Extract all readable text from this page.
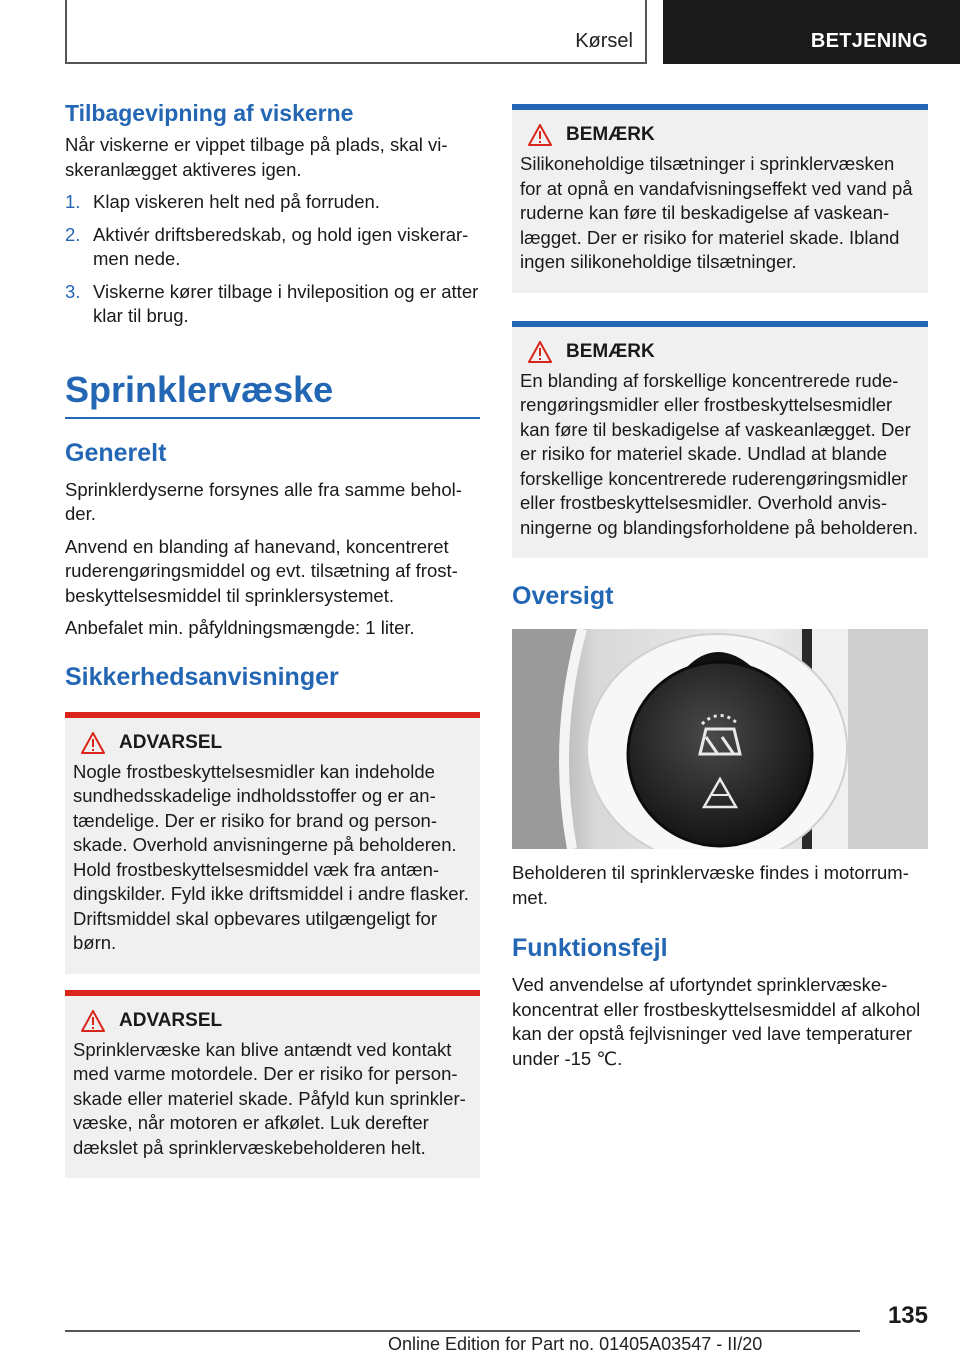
Kørsel	BETJENING
Tilbagevipning af viskerne

Når viskerne er vippet tilbage på plads, skal viskeranlægget aktiveres igen.

1. Klap viskeren helt ned på forruden.
2. Aktivér driftsberedskab, og hold igen viskerarmen nede.
3. Viskerne kører tilbage i hvileposition og er atter klar til brug.
Sprinklervæske
Generelt

Sprinklerdyserne forsynes alle fra samme beholder.

Anvend en blanding af hanevand, koncentreret ruderengøringsmiddel og evt. tilsætning af frostbeskyttelsesmiddel til sprinklersystemet.

Anbefalet min. påfyldningsmængde: 1 liter.

Sikkerhedsanvisninger
ADVARSEL

Nogle frostbeskyttelsesmidler kan indeholde sundhedsskadelige indholdsstoffer og er antændelige. Der er risiko for brand og personskade. Overhold anvisningerne på beholderen. Hold frostbeskyttelsesmiddel væk fra antændingskilder. Fyld ikke driftsmiddel i andre flasker. Driftsmiddel skal opbevares utilgængeligt for børn.

ADVARSEL

Sprinklervæske kan blive antændt ved kontakt med varme motordele. Der er risiko for personskade eller materiel skade. Påfyld kun sprinklervæske, når motoren er afkølet. Luk derefter dækslet på sprinklervæskebeholderen helt.

BEMÆRK

Silikoneholdige tilsætninger i sprinklervæsken for at opnå en vandafvisningseffekt ved vand på ruderne kan føre til beskadigelse af vaskeanlægget. Der er risiko for materiel skade. Ibland ingen silikoneholdige tilsætninger.

BEMÆRK

En blanding af forskellige koncentrerede ruderengøringsmidler eller frostbeskyttelsesmidler kan føre til beskadigelse af vaskeanlægget. Der er risiko for materiel skade. Undlad at blande forskellige koncentrerede ruderengøringsmidler eller frostbeskyttelsesmidler. Overhold anvisningerne og blandingsforholdene på beholderen.

Oversigt

Beholderen til sprinklervæske findes i motorrummet.

Funktionsfejl

Ved anvendelse af ufortyndet sprinklervæskekoncentrat eller frostbeskyttelsesmiddel af alkohol kan der opstå fejlvisninger ved lave temperaturer under -15 ℃.

135
Online Edition for Part no. 01405A03547 - II/20
